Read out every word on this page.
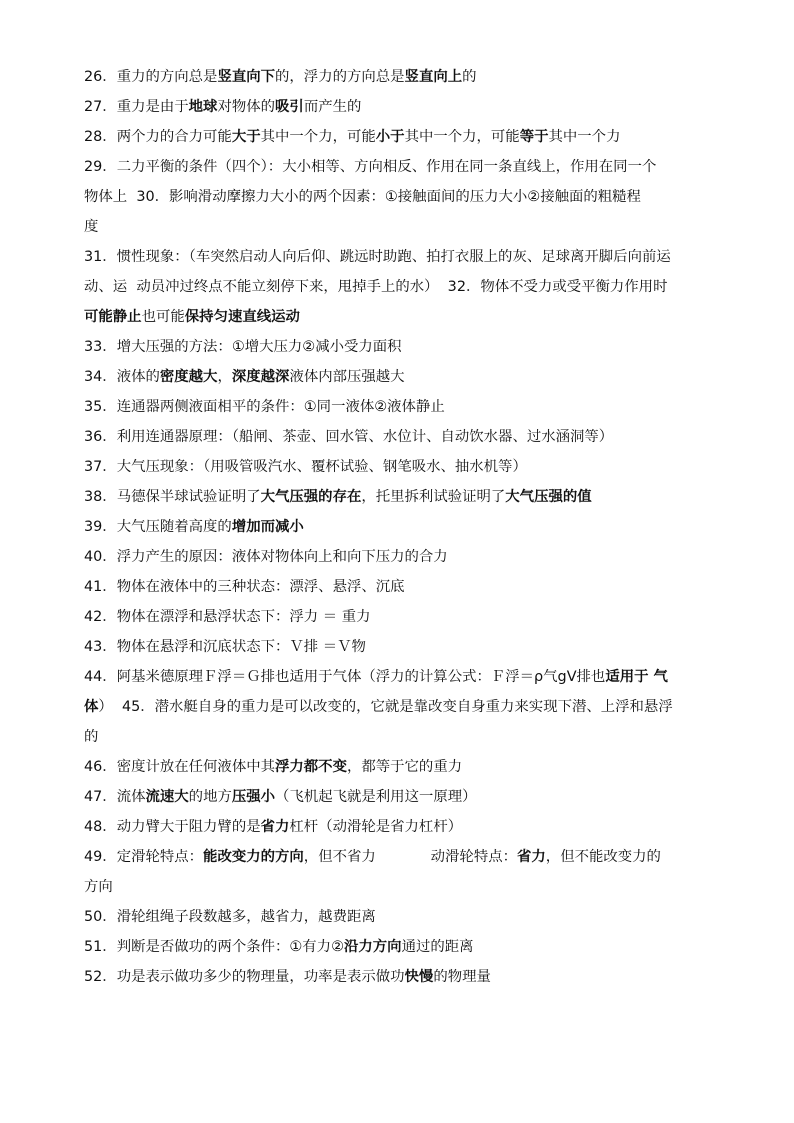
26．重力的方向总是竖直向下的，浮力的方向总是竖直向上的
27．重力是由于地球对物体的吸引而产生的
28．两个力的合力可能大于其中一个力，可能小于其中一个力，可能等于其中一个力
29．二力平衡的条件（四个）：大小相等、方向相反、作用在同一条直线上，作用在同一个
物体上  30．影响滑动摩擦力大小的两个因素：①接触面间的压力大小②接触面的粗糙程
度
31．惯性现象：（车突然启动人向后仰、跳远时助跑、拍打衣服上的灰、足球离开脚后向前运
动、运  动员冲过终点不能立刻停下来，甩掉手上的水）  32．物体不受力或受平衡力作用时
可能静止也可能保持匀速直线运动
33．增大压强的方法：①增大压力②减小受力面积
34．液体的密度越大，深度越深液体内部压强越大
35．连通器两侧液面相平的条件：①同一液体②液体静止
36．利用连通器原理：（船闸、茶壶、回水管、水位计、自动饮水器、过水涵洞等）
37．大气压现象：（用吸管吸汽水、覆杯试验、钢笔吸水、抽水机等）
38．马德保半球试验证明了大气压强的存在，托里拆利试验证明了大气压强的值
39．大气压随着高度的增加而减小
40．浮力产生的原因：液体对物体向上和向下压力的合力
41．物体在液体中的三种状态：漂浮、悬浮、沉底
42．物体在漂浮和悬浮状态下：浮力 ＝ 重力
43．物体在悬浮和沉底状态下：Ｖ排 ＝Ｖ物
44．阿基米德原理Ｆ浮＝Ｇ排也适用于气体（浮力的计算公式：Ｆ浮＝ρ气gV排也适用于 气
体）  45．潜水艇自身的重力是可以改变的，它就是靠改变自身重力来实现下潜、上浮和悬浮
的
46．密度计放在任何液体中其浮力都不变，都等于它的重力
47．流体流速大的地方压强小（飞机起飞就是利用这一原理）
48．动力臂大于阻力臂的是省力杠杆（动滑轮是省力杠杆）
49．定滑轮特点：能改变力的方向，但不省力            动滑轮特点：省力，但不能改变力的
方向
50．滑轮组绳子段数越多，越省力，越费距离
51．判断是否做功的两个条件：①有力②沿力方向通过的距离
52．功是表示做功多少的物理量，功率是表示做功快慢的物理量
